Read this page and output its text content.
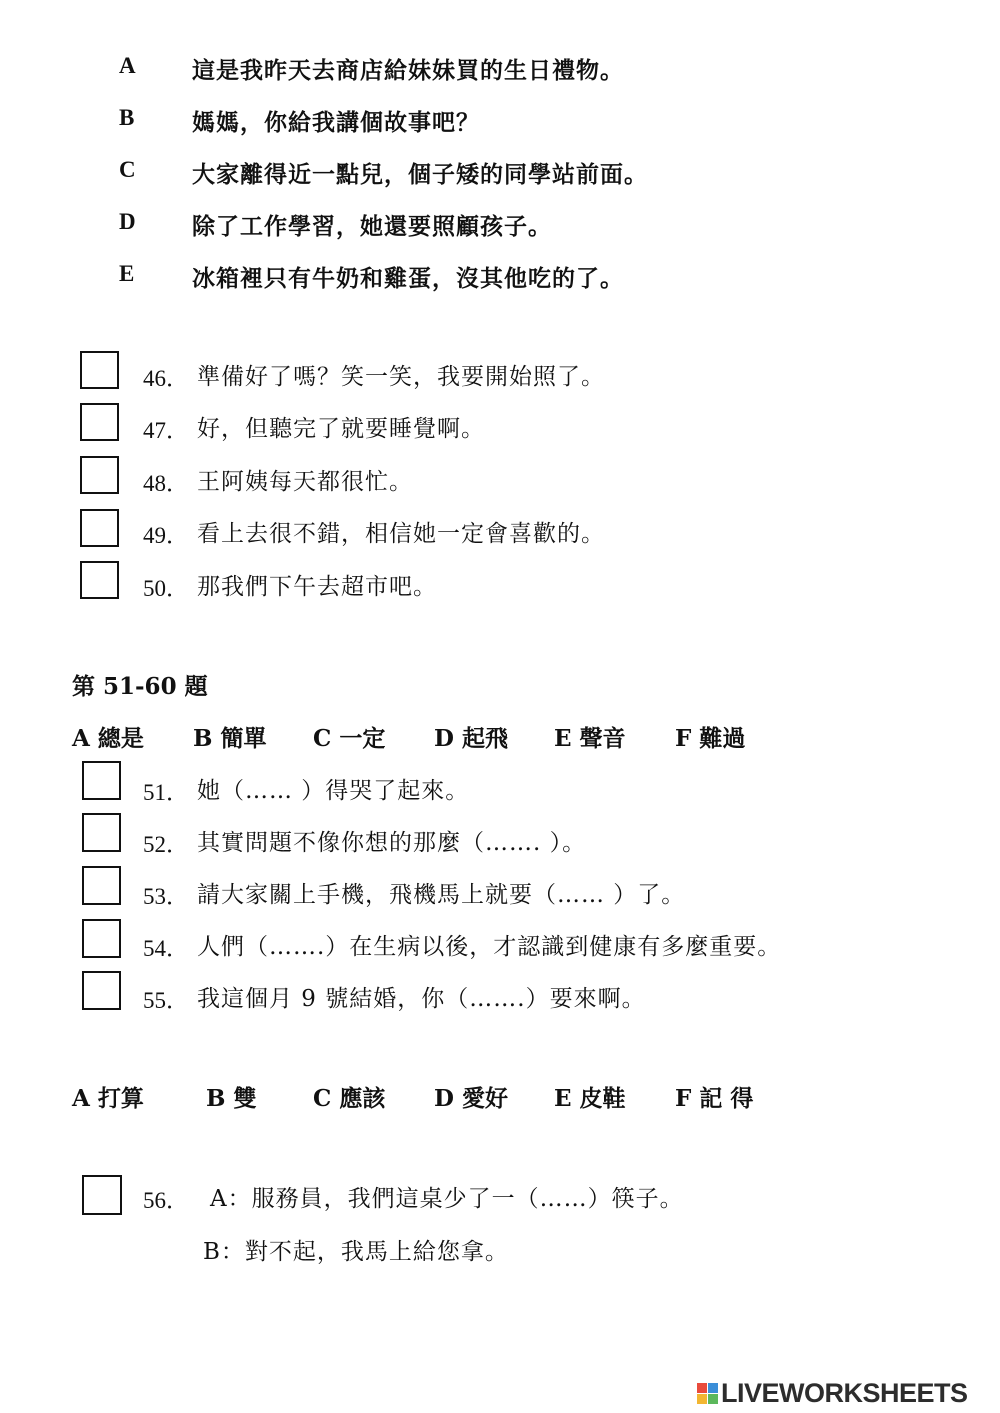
A 這是我昨天去商店給妹妹買的生日禮物。
B	媽媽，你給我講個故事吧？
C 大家離得近一點兒，個子矮的同學站前面。
D 除了工作學習，她還要照顧孩子。
E	冰箱裡只有牛奶和雞蛋，沒其他吃的了。
46． 準備好了嗎？笑一笑，我要開始照了。
47． 好，但聽完了就要睡覺啊。
48． 王阿姨每天都很忙。
49． 看上去很不錯，相信她一定會喜歡的。
50． 那我們下午去超市吧。
第 51-60 題
A 總是 B 簡單 C 一定 D 起飛 E 聲音 F 難過
51． 她（…… ）得哭了起來。
52． 其實問題不像你想的那麼（……. ）。
53． 請大家關上手機，飛機馬上就要（…… ）了。
54． 人們（…….）在生病以後，才認識到健康有多麼重要。
55． 我這個月 9 號結婚，你（…….）要來啊。
A 打算	B 雙 C 應該 D 愛好 E 皮鞋 F 記 得
56． A：服務員，我們這桌少了一（……）筷子。
B：對不起，我馬上給您拿。
LIVEWORKSHEETS
